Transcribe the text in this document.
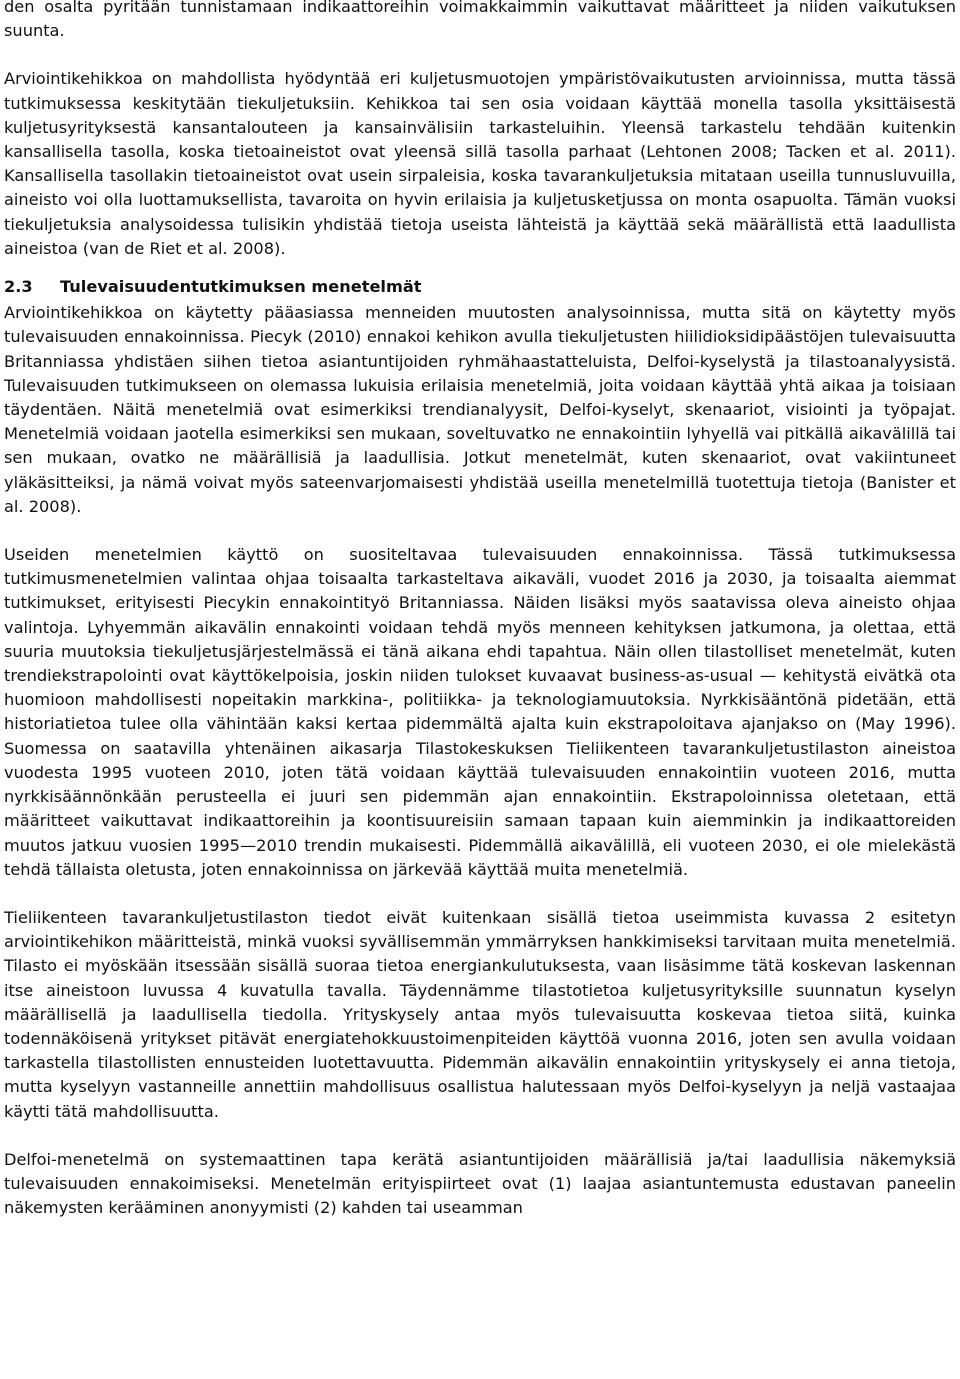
den osalta pyritään tunnistamaan indikaattoreihin voimakkaimmin vaikuttavat määritteet ja niiden vaikutuksen suunta.

Arviointikehikkoa on mahdollista hyödyntää eri kuljetusmuotojen ympäristövaikutusten arvioinnissa, mutta tässä tutkimuksessa keskitytään tiekuljetuksiin. Kehikkoa tai sen osia voidaan käyttää monella tasolla yksittäisestä kuljetusyrityksestä kansantalouteen ja kansainvälisiin tarkasteluihin. Yleensä tarkastelu tehdään kuitenkin kansallisella tasolla, koska tietoaineistot ovat yleensä sillä tasolla parhaat (Lehtonen 2008; Tacken et al. 2011). Kansallisella tasollakin tietoaineistot ovat usein sirpaleisia, koska tavarankuljetuksia mitataan useilla tunnusluvuilla, aineisto voi olla luottamuksellista, tavaroita on hyvin erilaisia ja kuljetusketjussa on monta osapuolta. Tämän vuoksi tiekuljetuksia analysoidessa tulisikin yhdistää tietoja useista lähteistä ja käyttää sekä määrällistä että laadullista aineistoa (van de Riet et al. 2008).

2.3	Tulevaisuudentutkimuksen menetelmät

Arviointikehikkoa on käytetty pääasiassa menneiden muutosten analysoinnissa, mutta sitä on käytetty myös tulevaisuuden ennakoinnissa. Piecyk (2010) ennakoi kehikon avulla tiekuljetusten hiilidioksidipäästöjen tulevaisuutta Britanniassa yhdistäen siihen tietoa asiantuntijoiden ryhmähaastatteluista, Delfoi-kyselystä ja tilastoanalyysistä. Tulevaisuuden tutkimukseen on olemassa lukuisia erilaisia menetelmiä, joita voidaan käyttää yhtä aikaa ja toisiaan täydentäen. Näitä menetelmiä ovat esimerkiksi trendianalyysit, Delfoi-kyselyt, skenaariot, visiointi ja työpajat. Menetelmiä voidaan jaotella esimerkiksi sen mukaan, soveltuvatko ne ennakointiin lyhyellä vai pitkällä aikavälillä tai sen mukaan, ovatko ne määrällisiä ja laadullisia. Jotkut menetelmät, kuten skenaariot, ovat vakiintuneet yläkäsitteiksi, ja nämä voivat myös sateenvarjomaisesti yhdistää useilla menetelmillä tuotettuja tietoja (Banister et al. 2008).

Useiden menetelmien käyttö on suositeltavaa tulevaisuuden ennakoinnissa. Tässä tutkimuksessa tutkimusmenetelmien valintaa ohjaa toisaalta tarkasteltava aikaväli, vuodet 2016 ja 2030, ja toisaalta aiemmat tutkimukset, erityisesti Piecykin ennakointityö Britanniassa. Näiden lisäksi myös saatavissa oleva aineisto ohjaa valintoja. Lyhyemmän aikavälin ennakointi voidaan tehdä myös menneen kehityksen jatkumona, ja olettaa, että suuria muutoksia tiekuljetusjärjestelmässä ei tänä aikana ehdi tapahtua. Näin ollen tilastolliset menetelmät, kuten trendiekstrapolointi ovat käyttökelpoisia, joskin niiden tulokset kuvaavat business-as-usual — kehitystä eivätkä ota huomioon mahdollisesti nopeitakin markkina-, politiikka- ja teknologiamuutoksia. Nyrkkisääntönä pidetään, että historiatietoa tulee olla vähintään kaksi kertaa pidemmältä ajalta kuin ekstrapoloitava ajanjakso on (May 1996). Suomessa on saatavilla yhtenäinen aikasarja Tilastokeskuksen Tieliikenteen tavarankuljetustilaston aineistoa vuodesta 1995 vuoteen 2010, joten tätä voidaan käyttää tulevaisuuden ennakointiin vuoteen 2016, mutta nyrkkisäännönkään perusteella ei juuri sen pidemmän ajan ennakointiin. Ekstrapoloinnissa oletetaan, että määritteet vaikuttavat indikaattoreihin ja koontisuureisiin samaan tapaan kuin aiemminkin ja indikaattoreiden muutos jatkuu vuosien 1995—2010 trendin mukaisesti. Pidemmällä aikavälillä, eli vuoteen 2030, ei ole mielekästä tehdä tällaista oletusta, joten ennakoinnissa on järkevää käyttää muita menetelmiä.

Tieliikenteen tavarankuljetustilaston tiedot eivät kuitenkaan sisällä tietoa useimmista kuvassa 2 esitetyn arviointikehikon määritteistä, minkä vuoksi syvällisemmän ymmärryksen hankkimiseksi tarvitaan muita menetelmiä. Tilasto ei myöskään itsessään sisällä suoraa tietoa energiankulutuksesta, vaan lisäsimme tätä koskevan laskennan itse aineistoon luvussa 4 kuvatulla tavalla. Täydennämme tilastotietoa kuljetusyrityksille suunnatun kyselyn määrällisellä ja laadullisella tiedolla. Yrityskysely antaa myös tulevaisuutta koskevaa tietoa siitä, kuinka todennäköisenä yritykset pitävät energiatehokkuustoimenpiteiden käyttöä vuonna 2016, joten sen avulla voidaan tarkastella tilastollisten ennusteiden luotettavuutta. Pidemmän aikavälin ennakointiin yrityskysely ei anna tietoja, mutta kyselyyn vastanneille annettiin mahdollisuus osallistua halutessaan myös Delfoi-kyselyyn ja neljä vastaajaa käytti tätä mahdollisuutta.

Delfoi-menetelmä on systemaattinen tapa kerätä asiantuntijoiden määrällisiä ja/tai laadullisia näkemyksiä tulevaisuuden ennakoimiseksi. Menetelmän erityispiirteet ovat (1) laajaa asiantuntemusta edustavan paneelin näkemysten kerääminen anonyymisti (2) kahden tai useamman
